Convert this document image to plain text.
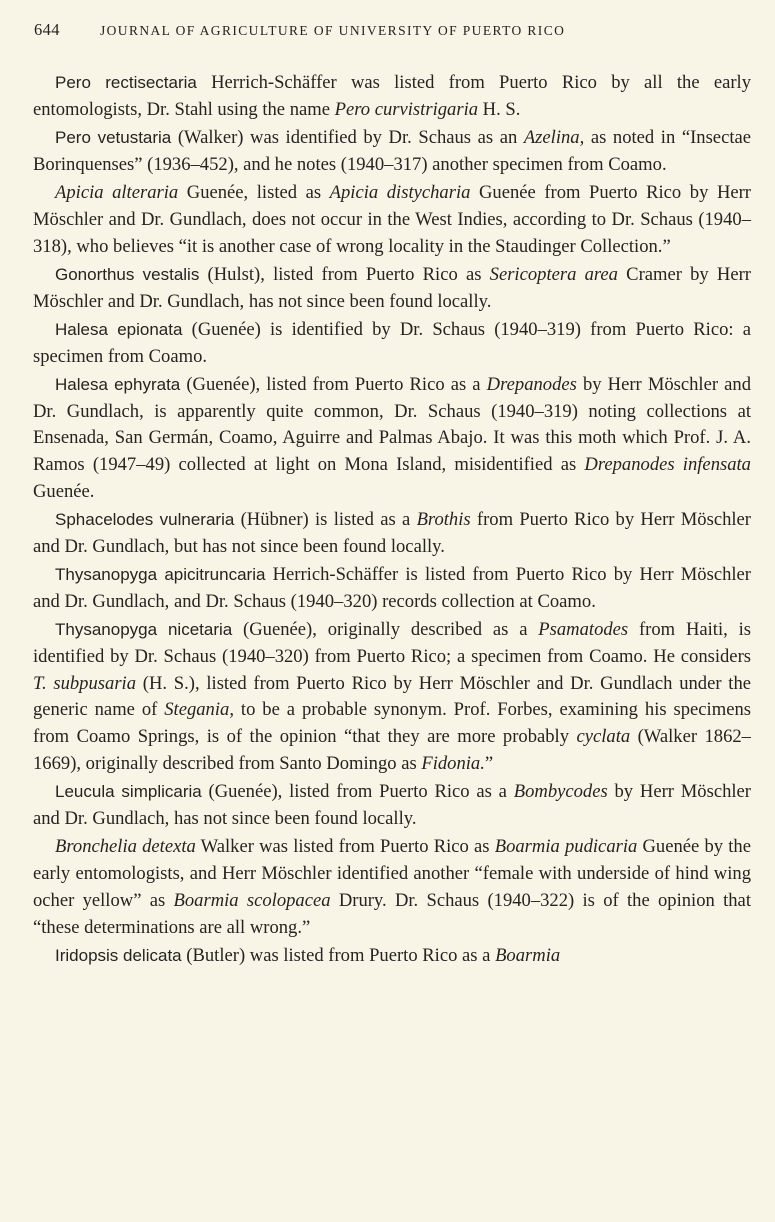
644	JOURNAL OF AGRICULTURE OF UNIVERSITY OF PUERTO RICO

Pero rectisectaria Herrich-Schäffer was listed from Puerto Rico by all the early entomologists, Dr. Stahl using the name Pero curvistrigaria H. S.

Pero vetustaria (Walker) was identified by Dr. Schaus as an Azelina, as noted in “Insectae Borinquenses” (1936–452), and he notes (1940–317) another specimen from Coamo.

Apicia alteraria Guenée, listed as Apicia distycharia Guenée from Puerto Rico by Herr Möschler and Dr. Gundlach, does not occur in the West Indies, according to Dr. Schaus (1940–318), who believes “it is another case of wrong locality in the Staudinger Collection.”

Gonorthus vestalis (Hulst), listed from Puerto Rico as Sericoptera area Cramer by Herr Möschler and Dr. Gundlach, has not since been found locally.

Halesa epionata (Guenée) is identified by Dr. Schaus (1940–319) from Puerto Rico: a specimen from Coamo.

Halesa ephyrata (Guenée), listed from Puerto Rico as a Drepanodes by Herr Möschler and Dr. Gundlach, is apparently quite common, Dr. Schaus (1940–319) noting collections at Ensenada, San Germán, Coamo, Aguirre and Palmas Abajo. It was this moth which Prof. J. A. Ramos (1947–49) collected at light on Mona Island, misidentified as Drepanodes infensata Guenée.

Sphacelodes vulneraria (Hübner) is listed as a Brothis from Puerto Rico by Herr Möschler and Dr. Gundlach, but has not since been found locally.

Thysanopyga apicitruncaria Herrich-Schäffer is listed from Puerto Rico by Herr Möschler and Dr. Gundlach, and Dr. Schaus (1940–320) records collection at Coamo.

Thysanopyga nicetaria (Guenée), originally described as a Psamatodes from Haiti, is identified by Dr. Schaus (1940–320) from Puerto Rico; a specimen from Coamo. He considers T. subpusaria (H. S.), listed from Puerto Rico by Herr Möschler and Dr. Gundlach under the generic name of Stegania, to be a probable synonym. Prof. Forbes, examining his specimens from Coamo Springs, is of the opinion “that they are more probably cyclata (Walker 1862–1669), originally described from Santo Domingo as Fidonia.”

Leucula simplicaria (Guenée), listed from Puerto Rico as a Bombycodes by Herr Möschler and Dr. Gundlach, has not since been found locally.

Bronchelia detexta Walker was listed from Puerto Rico as Boarmia pudicaria Guenée by the early entomologists, and Herr Möschler identified another “female with underside of hind wing ocher yellow” as Boarmia scolopacea Drury. Dr. Schaus (1940–322) is of the opinion that “these determinations are all wrong.”

Iridopsis delicata (Butler) was listed from Puerto Rico as a Boarmia
